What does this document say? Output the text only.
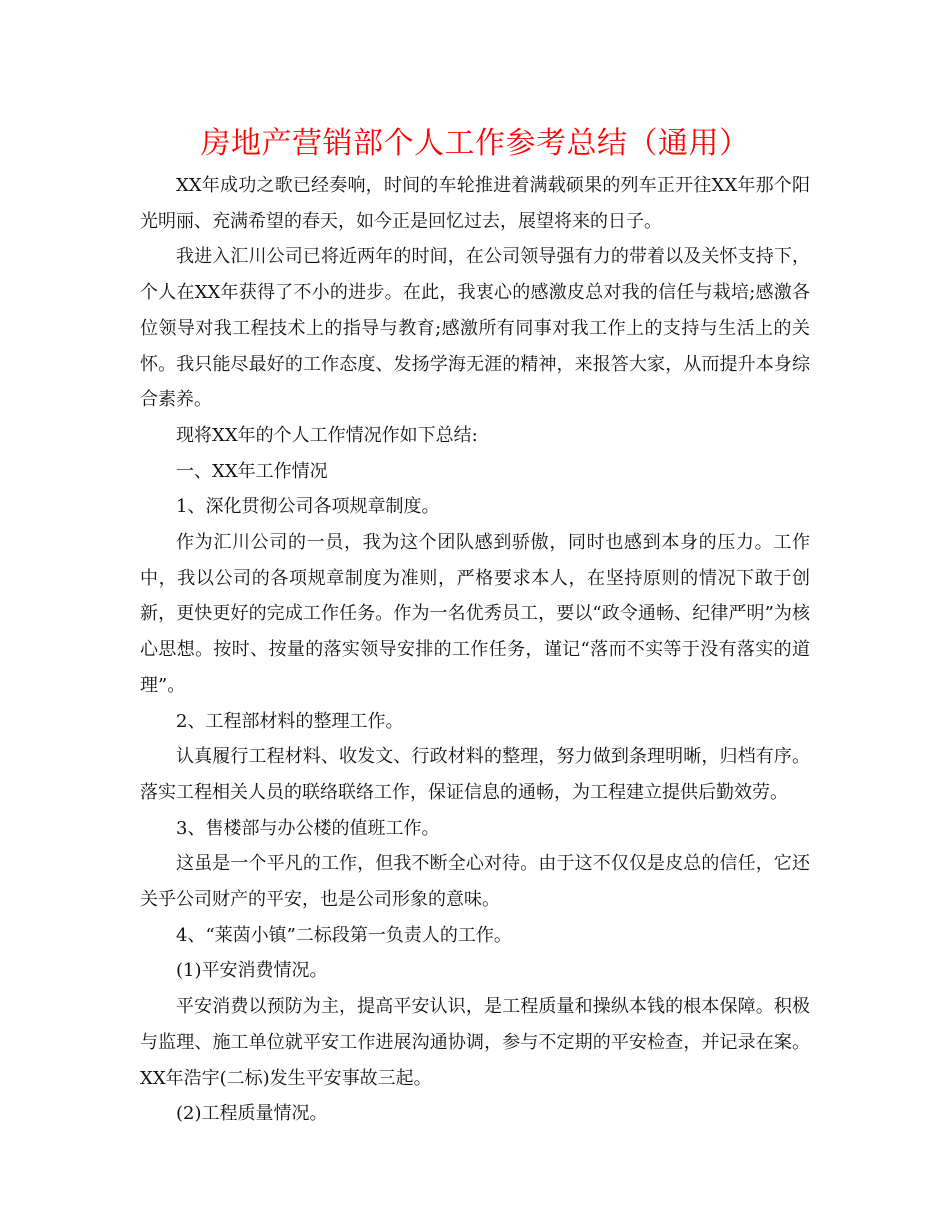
房地产营销部个人工作参考总结（通用）

XX年成功之歌已经奏响，时间的车轮推进着满载硕果的列车正开往XX年那个阳光明丽、充满希望的春天，如今正是回忆过去，展望将来的日子。

我进入汇川公司已将近两年的时间，在公司领导强有力的带着以及关怀支持下，个人在XX年获得了不小的进步。在此，我衷心的感激皮总对我的信任与栽培;感激各位领导对我工程技术上的指导与教育;感激所有同事对我工作上的支持与生活上的关怀。我只能尽最好的工作态度、发扬学海无涯的精神，来报答大家，从而提升本身综合素养。

现将XX年的个人工作情况作如下总结:

一、XX年工作情况

1、深化贯彻公司各项规章制度。

作为汇川公司的一员，我为这个团队感到骄傲，同时也感到本身的压力。工作中，我以公司的各项规章制度为准则，严格要求本人，在坚持原则的情况下敢于创新，更快更好的完成工作任务。作为一名优秀员工，要以“政令通畅、纪律严明”为核心思想。按时、按量的落实领导安排的工作任务，谨记“落而不实等于没有落实的道理”。

2、工程部材料的整理工作。

认真履行工程材料、收发文、行政材料的整理，努力做到条理明晰，归档有序。落实工程相关人员的联络联络工作，保证信息的通畅，为工程建立提供后勤效劳。

3、售楼部与办公楼的值班工作。

这虽是一个平凡的工作，但我不断全心对待。由于这不仅仅是皮总的信任，它还关乎公司财产的平安，也是公司形象的意味。

4、“莱茵小镇”二标段第一负责人的工作。

(1)平安消费情况。

平安消费以预防为主，提高平安认识，是工程质量和操纵本钱的根本保障。积极与监理、施工单位就平安工作进展沟通协调，参与不定期的平安检查，并记录在案。XX年浩宇(二标)发生平安事故三起。

(2)工程质量情况。
